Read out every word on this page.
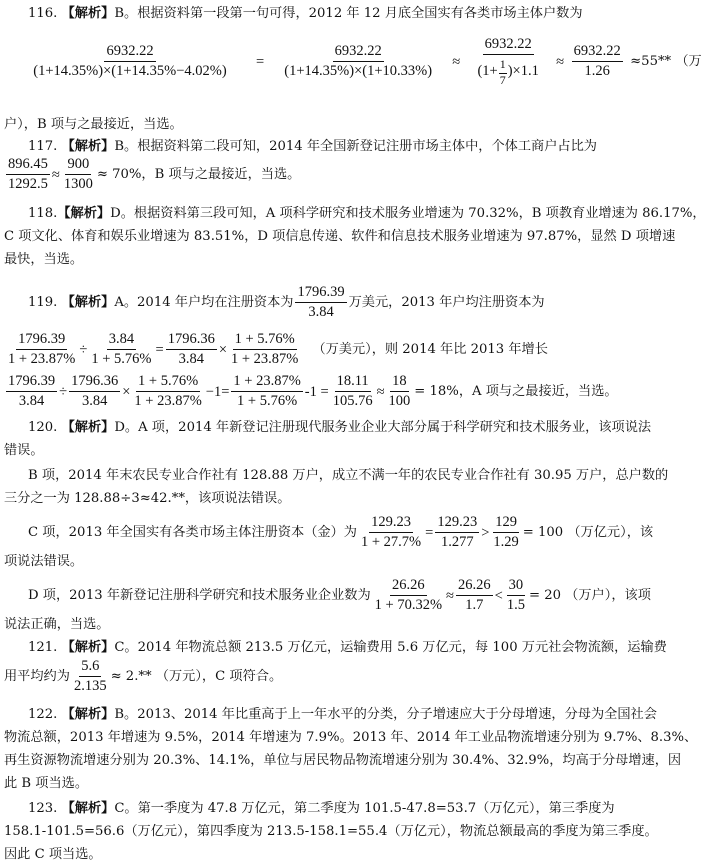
116. 【解析】B。根据资料第一段第一句可得，2012 年 12 月底全国实有各类市场主体户数为
$\frac{6932.22}{(1+14.35\%)\times(1+14.35\%-4.02\%)} = \frac{6932.22}{(1+14.35\%)\times(1+10.33\%)} \approx \frac{6932.22}{(1+ \frac{1}{7} )\times 1.1} \approx \frac{6932.22}{1.26} \approx 55**$ （万
户），B 项与之最接近，当选。
117. 【解析】B。根据资料第二段可知，2014 年全国新登记注册市场主体中，个体工商户占比为
$\frac{896.45}{1292.5} \approx \frac{900}{1300} \approx 70\%$，B 项与之最接近，当选。
118.【解析】D。根据资料第三段可知，A 项科学研究和技术服务业增速为 70.32%，B 项教育业增速为 86.17%，
C 项文化、体育和娱乐业增速为 83.51%，D 项信息传递、软件和信息技术服务业增速为 97.87%，显然 D 项增速
最快，当选。
119.
【解析】 A。2014 年户均在注册资本为 $\frac{1796.39}{3.84}$ 万美元，2013 年户均注册资本为
$\frac{1796.39}{1 + 23.87\%} \div \frac{3.84}{1 + 5.76\%} = \frac{1796.36}{3.84} \times \frac{1 + 5.76\%}{1 + 23.87\%}$ （万美元），则 2014 年比 2013 年增长
$\frac{1796.39}{3.84} \div \frac{1796.36}{3.84} \times \frac{1 + 5.76\%}{1 + 23.87\%} -1= \frac{1 + 23.87\%}{1 + 5.76\%} -1 = \frac{18.11}{105.76} \approx \frac{18}{100} = 18\%$，A 项与之最接近，当选。
120. 【解析】D。A 项，2014 年新登记注册现代服务业企业大部分属于科学研究和技术服务业，该项说法
错误。
B 项，2014 年末农民专业合作社有 128.88 万户，成立不满一年的农民专业合作社有 30.95 万户，总户数的
三分之一为 128.88÷3≈42.**，该项说法错误。
C 项，2013 年全国实有各类市场主体注册资本（金）为 $\frac{129.23}{1 + 27.7\%} = \frac{129.23}{1.277} > \frac{129}{1.29} = 100$ （万亿元），该
项说法错误。
D 项，2013 年新登记注册科学研究和技术服务业企业数为 $\frac{26.26}{1 + 70.32\%} \approx \frac{26.26}{1.7} < \frac{30}{1.5} = 20$ （万户），该项
说法正确，当选。
121. 【解析】C。2014 年物流总额 213.5 万亿元，运输费用 5.6 万亿元，每 100 万元社会物流额，运输费
用平均约为 $\frac{5.6}{2.135} \approx 2.**$ （万元），C 项符合。
122. 【解析】B。2013、2014 年比重高于上一年水平的分类，分子增速应大于分母增速，分母为全国社会
物流总额，2013 年增速为 9.5%，2014 年增速为 7.9%。2013 年、2014 年工业品物流增速分别为 9.7%、8.3%、
再生资源物流增速分别为 20.3%、14.1%，单位与居民物品物流增速分别为 30.4%、32.9%，均高于分母增速，因
此 B 项当选。
123. 【解析】C。第一季度为 47.8 万亿元，第二季度为 101.5-47.8=53.7（万亿元），第三季度为
158.1-101.5=56.6（万亿元），第四季度为 213.5-158.1=55.4（万亿元），物流总额最高的季度为第三季度。
因此 C 项当选。
